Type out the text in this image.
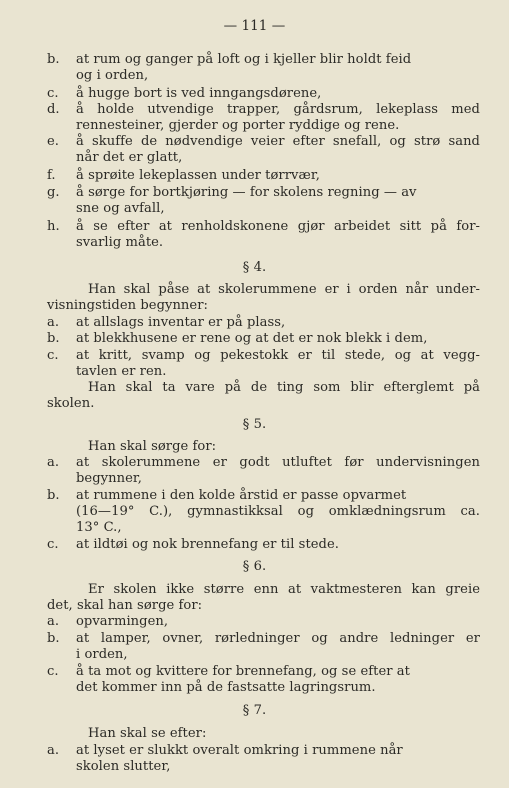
— 111 —
b. at rum og ganger på loft og i kjeller blir holdt feid
og i orden,
c. å hugge bort is ved inngangsdørene,
d. å holde utvendige trapper, gårdsrum, lekeplass med
rennesteiner, gjerder og porter ryddige og rene.
e. å skuffe de nødvendige veier efter snefall, og strø sand
når det er glatt,
f. å sprøite lekeplassen under tørrvær,
g. å sørge for bortkjøring — for skolens regning — av
sne og avfall,
h. å se efter at renholdskonene gjør arbeidet sitt på for-
svarlig måte.
§ 4.
Han skal påse at skolerummene er i orden når under-
visningstiden begynner:
a. at allslags inventar er på plass,
b. at blekkhusene er rene og at det er nok blekk i dem,
c. at kritt, svamp og pekestokk er til stede, og at vegg-
tavlen er ren.
Han skal ta vare på de ting som blir efterglemt på
skolen.
§ 5.
Han skal sørge for:
a. at skolerummene er godt utluftet før undervisningen
begynner,
b. at rummene i den kolde årstid er passe opvarmet
(16—19° C.), gymnastikksal og omklædningsrum ca.
13° C.,
c. at ildtøi og nok brennefang er til stede.
§ 6.
Er skolen ikke større enn at vaktmesteren kan greie
det, skal han sørge for:
a. opvarmingen,
b. at lamper, ovner, rørledninger og andre ledninger er
i orden,
c. å ta mot og kvittere for brennefang, og se efter at
det kommer inn på de fastsatte lagringsrum.
§ 7.
Han skal se efter:
a. at lyset er slukkt overalt omkring i rummene når
skolen slutter,
